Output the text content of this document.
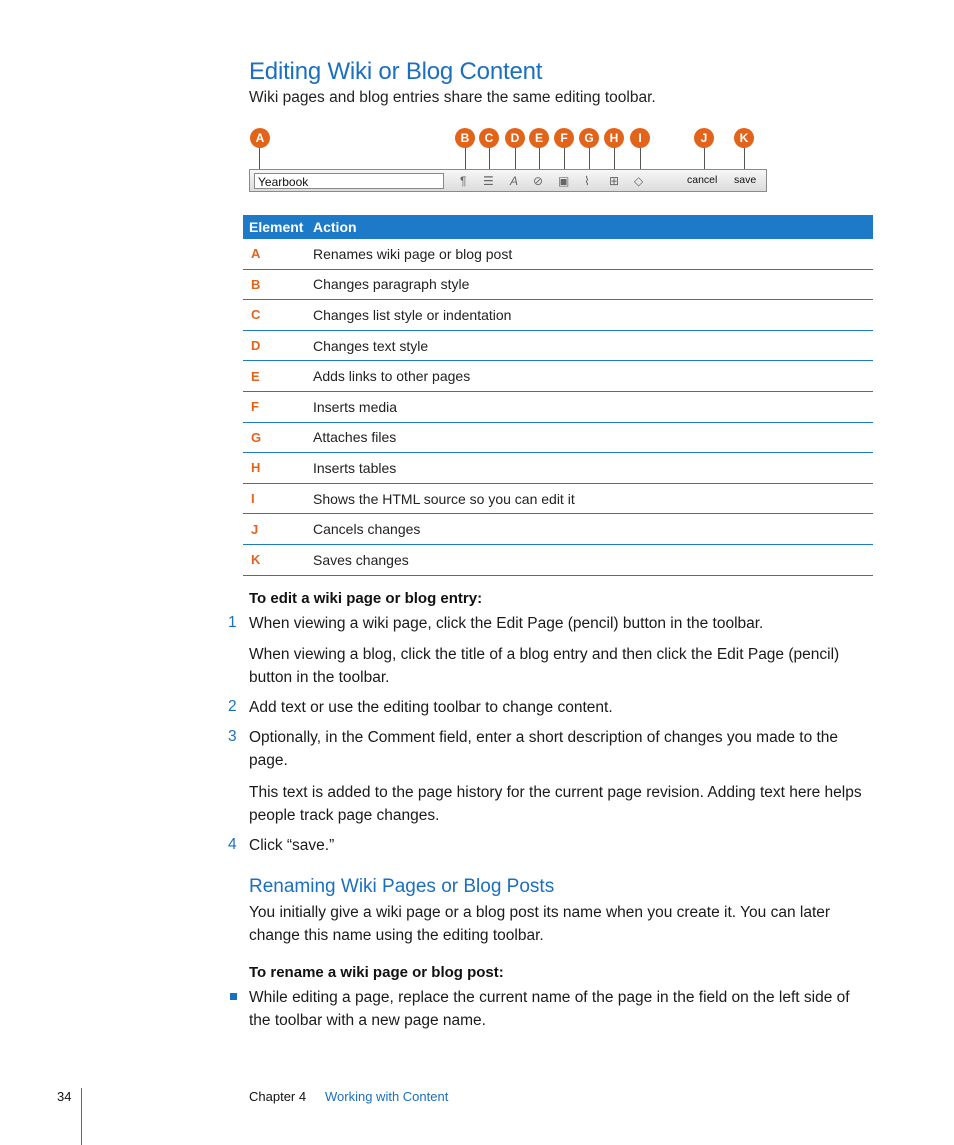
Editing Wiki or Blog Content
Wiki pages and blog entries share the same editing toolbar.
A	B	C	D	E	F	G	H	I	J	K
Yearbook	¶ ☰ A ⊘ ▣ ⌇ ⊞ ◇	cancel save
Element	Action
A	Renames wiki page or blog post
B	Changes paragraph style
C	Changes list style or indentation
D	Changes text style
E	Adds links to other pages
F	Inserts media
G	Attaches files
H	Inserts tables
I	Shows the HTML source so you can edit it
J	Cancels changes
K	Saves changes
To edit a wiki page or blog entry:
1 When viewing a wiki page, click the Edit Page (pencil) button in the toolbar.
When viewing a blog, click the title of a blog entry and then click the Edit Page (pencil) button in the toolbar.
2 Add text or use the editing toolbar to change content.
3 Optionally, in the Comment field, enter a short description of changes you made to the page.
This text is added to the page history for the current page revision. Adding text here helps people track page changes.
4 Click “save.”
Renaming Wiki Pages or Blog Posts
You initially give a wiki page or a blog post its name when you create it. You can later change this name using the editing toolbar.
To rename a wiki page or blog post:
While editing a page, replace the current name of the page in the field on the left side of the toolbar with a new page name.
34	Chapter 4 Working with Content
